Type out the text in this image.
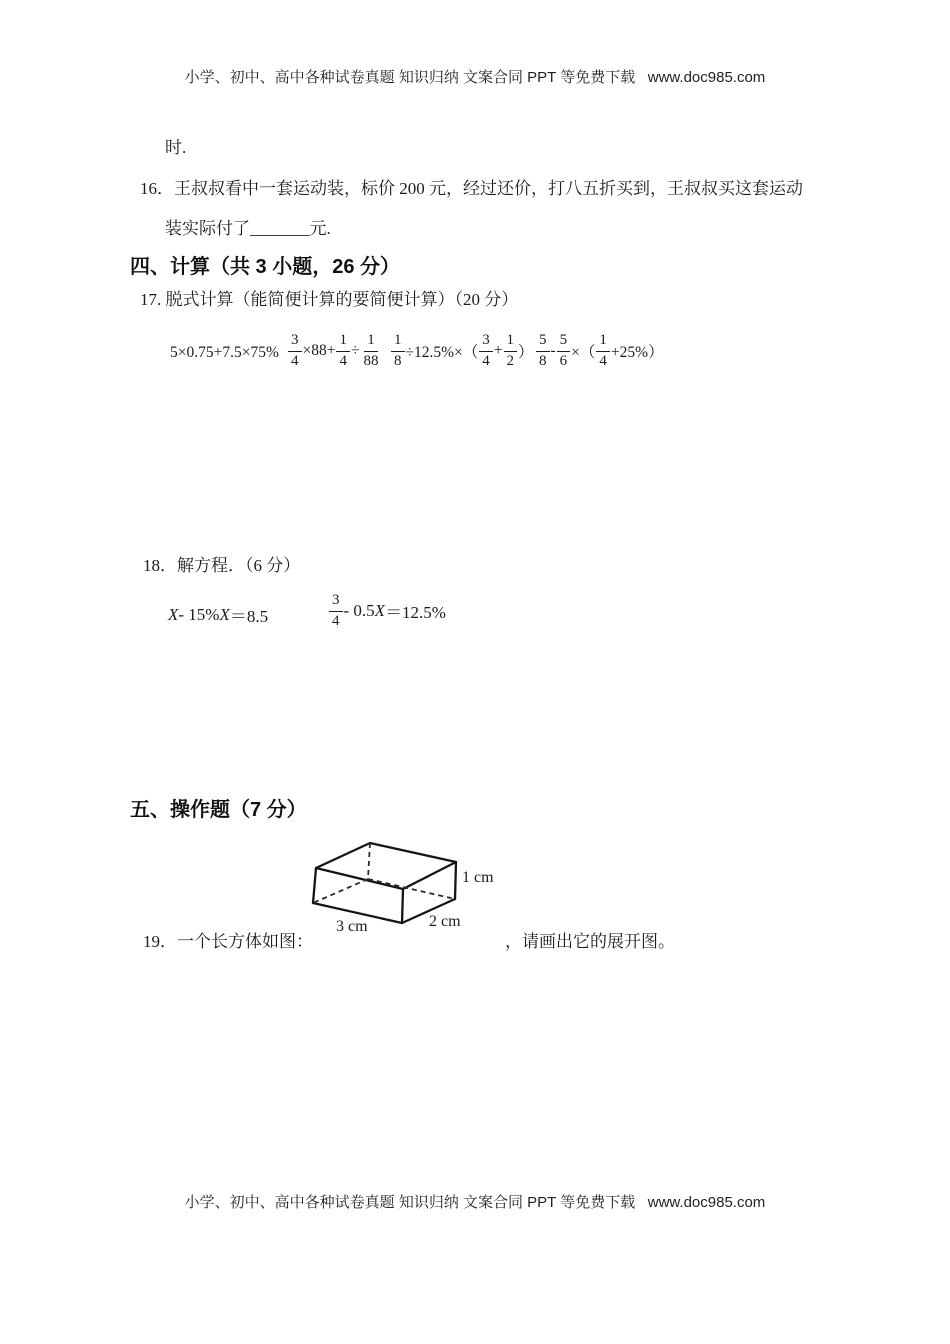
小学、初中、高中各种试卷真题 知识归纳 文案合同 PPT 等免费下载   www.doc985.com
时.
16．王叔叔看中一套运动装，标价 200 元，经过还价，打八五折买到，王叔叔买这套运动
装实际付了_______元.
四、计算（共 3 小题，26 分）
17. 脱式计算（能简便计算的要简便计算）（20 分）
$5\times 0.75+7.5\times 75\% \frac{3}{4} \times 88+ \frac{1}{4} \div \frac{1}{88} \frac{1}{8} \div 12.5\%\times( \frac{3}{4} + \frac{1}{2}$ ） $\frac{5}{8} - \frac{5}{6}$ ×（ $\frac{1}{4} +25\%$）
18．解方程．（6 分）
X - 15% X ＝8.5	$\frac{3}{4} - 0.5$ X ＝12.5%
五、操作题（7 分）
1 cm
3 cm	2 cm
19．一个长方体如图：	，请画出它的展开图。
小学、初中、高中各种试卷真题 知识归纳 文案合同 PPT 等免费下载   www.doc985.com
